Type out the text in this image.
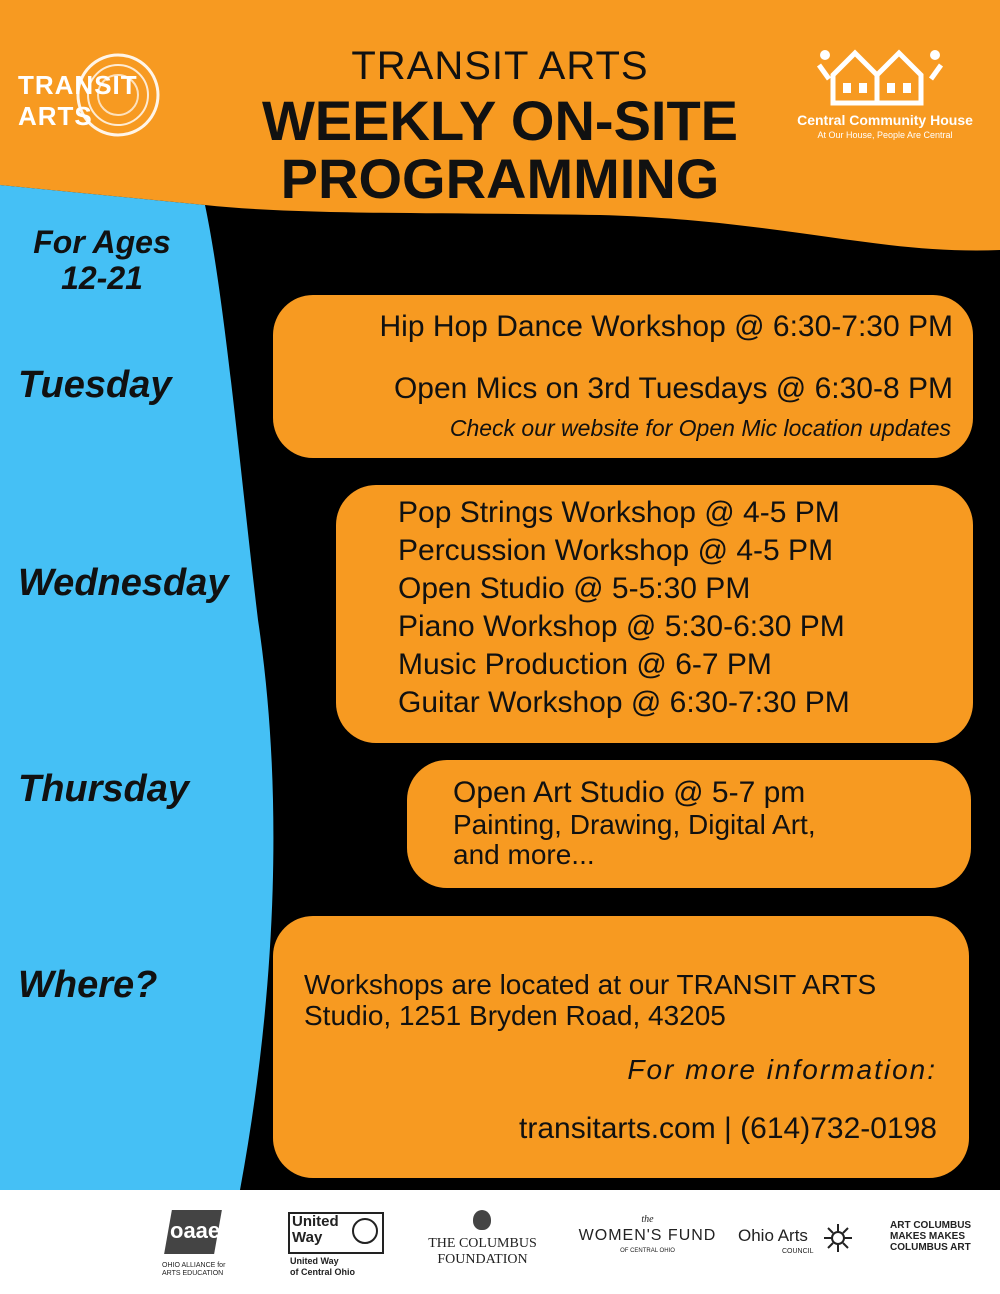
TRANSIT ARTS
TRANSIT ARTS
WEEKLY ON-SITE
PROGRAMMING
Central Community House
At Our House, People Are Central
For Ages
12-21
Tuesday
Wednesday
Thursday
Where?
Hip Hop Dance Workshop @ 6:30-7:30 PM
Open Mics on 3rd Tuesdays @ 6:30-8 PM
Check our website for Open Mic location updates
Pop Strings Workshop @ 4-5 PM
Percussion Workshop @ 4-5 PM
Open Studio @ 5-5:30 PM
Piano Workshop @ 5:30-6:30 PM
Music Production @ 6-7 PM
Guitar Workshop @ 6:30-7:30 PM
Open Art Studio @ 5-7 pm
Painting, Drawing, Digital Art,
and more...
Workshops are located at our TRANSIT ARTS
Studio, 1251 Bryden Road, 43205
For more information:
transitarts.com | (614)732-0198
oaae
OHIO ALLIANCE for ARTS EDUCATION
United
Way
United Way
of Central Ohio
THE COLUMBUS
FOUNDATION
the
WOMEN'S FUND
OF CENTRAL OHIO
Ohio Arts
COUNCIL
ART COLUMBUS
MAKES MAKES
COLUMBUS ART
